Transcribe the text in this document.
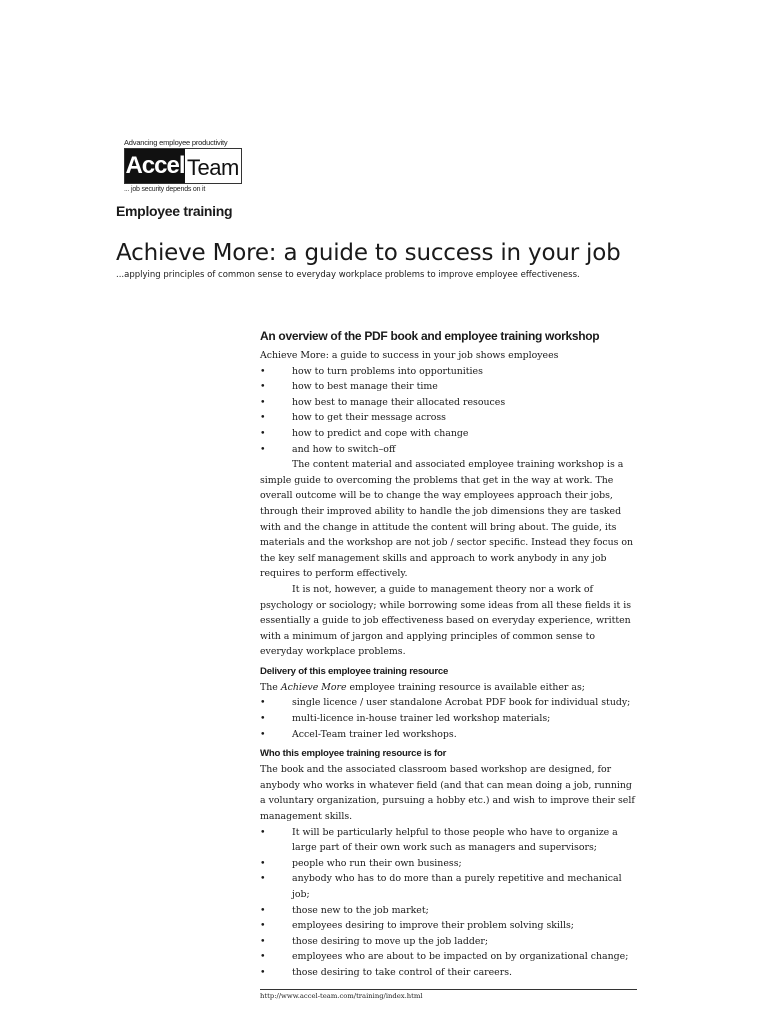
Advancing employee productivity
Accel Team
... job security depends on it
Employee training
Achieve More: a guide to success in your job
...applying principles of common sense to everyday workplace problems to improve employee effectiveness.
An overview of the PDF book and employee training workshop

Achieve More: a guide to success in your job shows employees

• how to turn problems into opportunities
• how to best manage their time
• how best to manage their allocated resouces
• how to get their message across
• how to predict and cope with change
• and how to switch–off

The content material and associated employee training workshop is a simple guide to overcoming the problems that get in the way at work. The overall outcome will be to change the way employees approach their jobs, through their improved ability to handle the job dimensions they are tasked with and the change in attitude the content will bring about. The guide, its materials and the workshop are not job / sector specific. Instead they focus on the key self management skills and approach to work anybody in any job requires to perform effectively.

It is not, however, a guide to management theory nor a work of psychology or sociology; while borrowing some ideas from all these fields it is essentially a guide to job effectiveness based on everyday experience, written with a minimum of jargon and applying principles of common sense to everyday workplace problems.

Delivery of this employee training resource

The Achieve More employee training resource is available either as;

• single licence / user standalone Acrobat PDF book for individual study;
• multi-licence in-house trainer led workshop materials;
• Accel-Team trainer led workshops.
Who this employee training resource is for

The book and the associated classroom based workshop are designed, for anybody who works in whatever field (and that can mean doing a job, running a voluntary organization, pursuing a hobby etc.) and wish to improve their self management skills.

• It will be particularly helpful to those people who have to organize a large part of their own work such as managers and supervisors;
• people who run their own business;
• anybody who has to do more than a purely repetitive and mechanical job;
• those new to the job market;
• employees desiring to improve their problem solving skills;
• those desiring to move up the job ladder;
• employees who are about to be impacted on by organizational change;
• those desiring to take control of their careers.
http://www.accel-team.com/training/index.html
